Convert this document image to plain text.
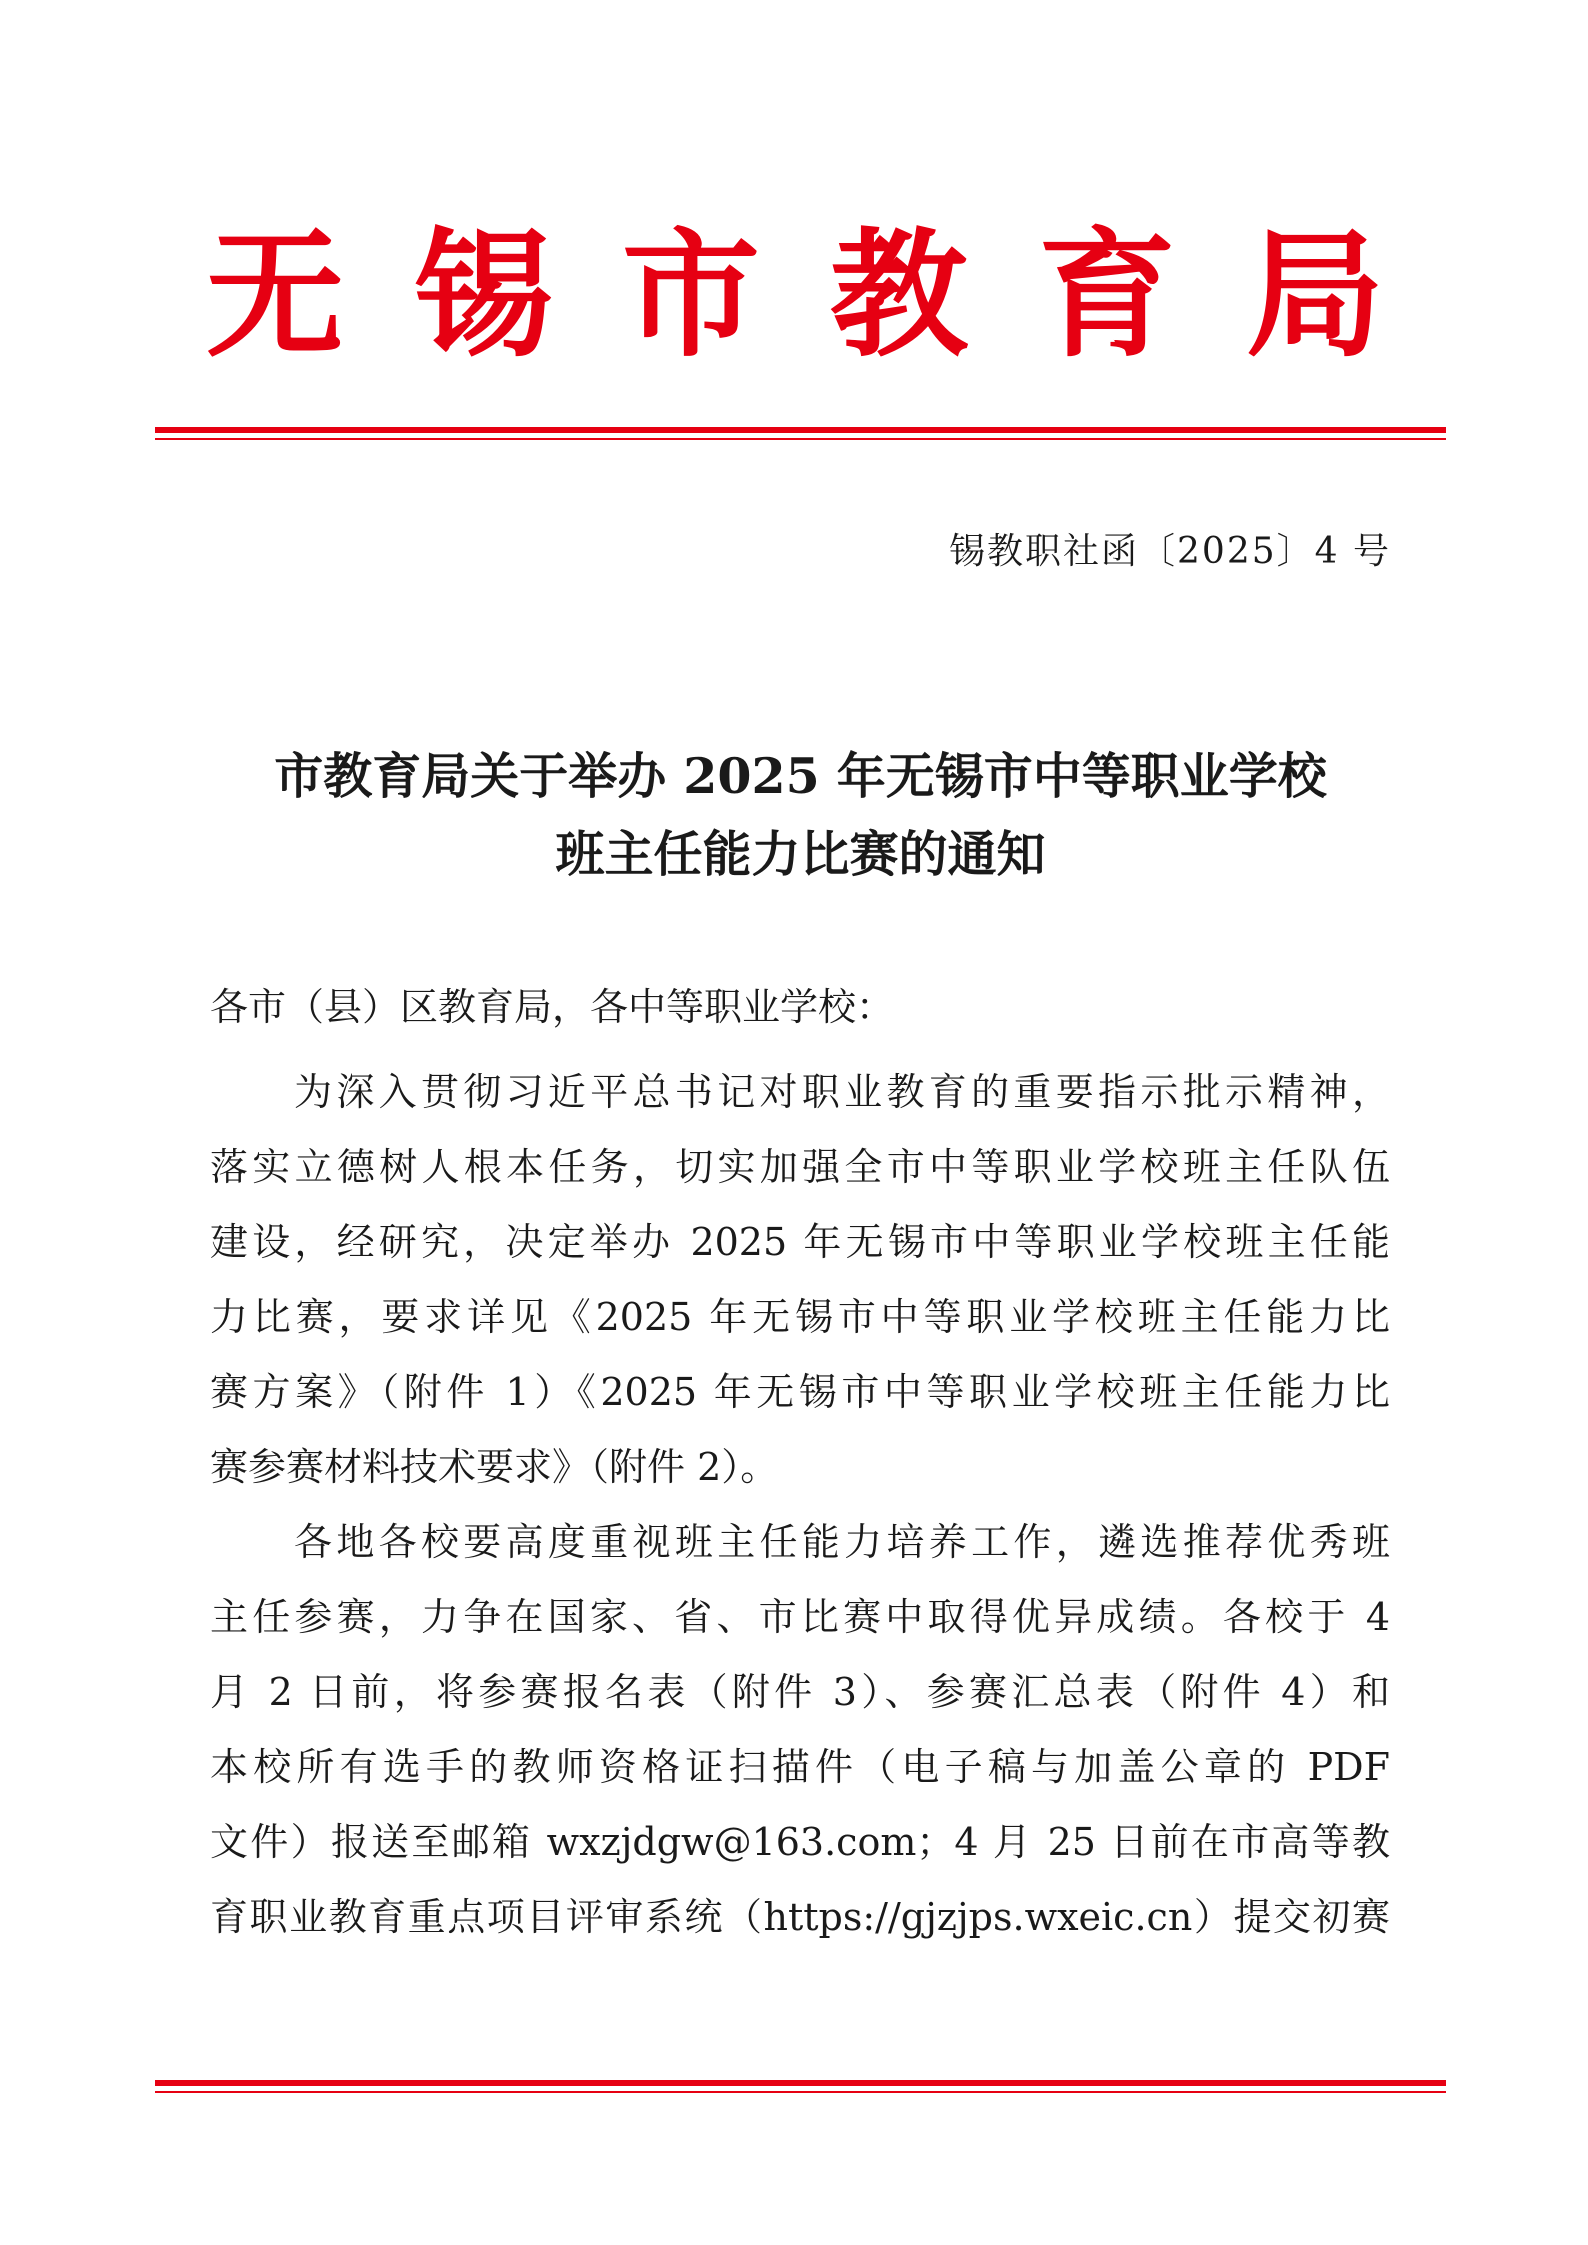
无 锡 市 教 育 局
锡教职社函〔2025〕4 号
市教育局关于举办 2025 年无锡市中等职业学校
班主任能力比赛的通知
各市（县）区教育局，各中等职业学校：
为深入贯彻习近平总书记对职业教育的重要指示批示精神，
落实立德树人根本任务，切实加强全市中等职业学校班主任队伍
建设，经研究，决定举办 2025 年无锡市中等职业学校班主任能
力比赛，要求详见《2025 年无锡市中等职业学校班主任能力比
赛方案》（附件 1）《2025 年无锡市中等职业学校班主任能力比
赛参赛材料技术要求》（附件 2）。
各地各校要高度重视班主任能力培养工作，遴选推荐优秀班
主任参赛，力争在国家、省、市比赛中取得优异成绩。各校于 4
月 2 日前，将参赛报名表（附件 3）、参赛汇总表（附件 4）和
本校所有选手的教师资格证扫描件（电子稿与加盖公章的 PDF
文件）报送至邮箱 wxzjdgw@163.com；4 月 25 日前在市高等教
育职业教育重点项目评审系统（https://gjzjps.wxeic.cn）提交初赛
